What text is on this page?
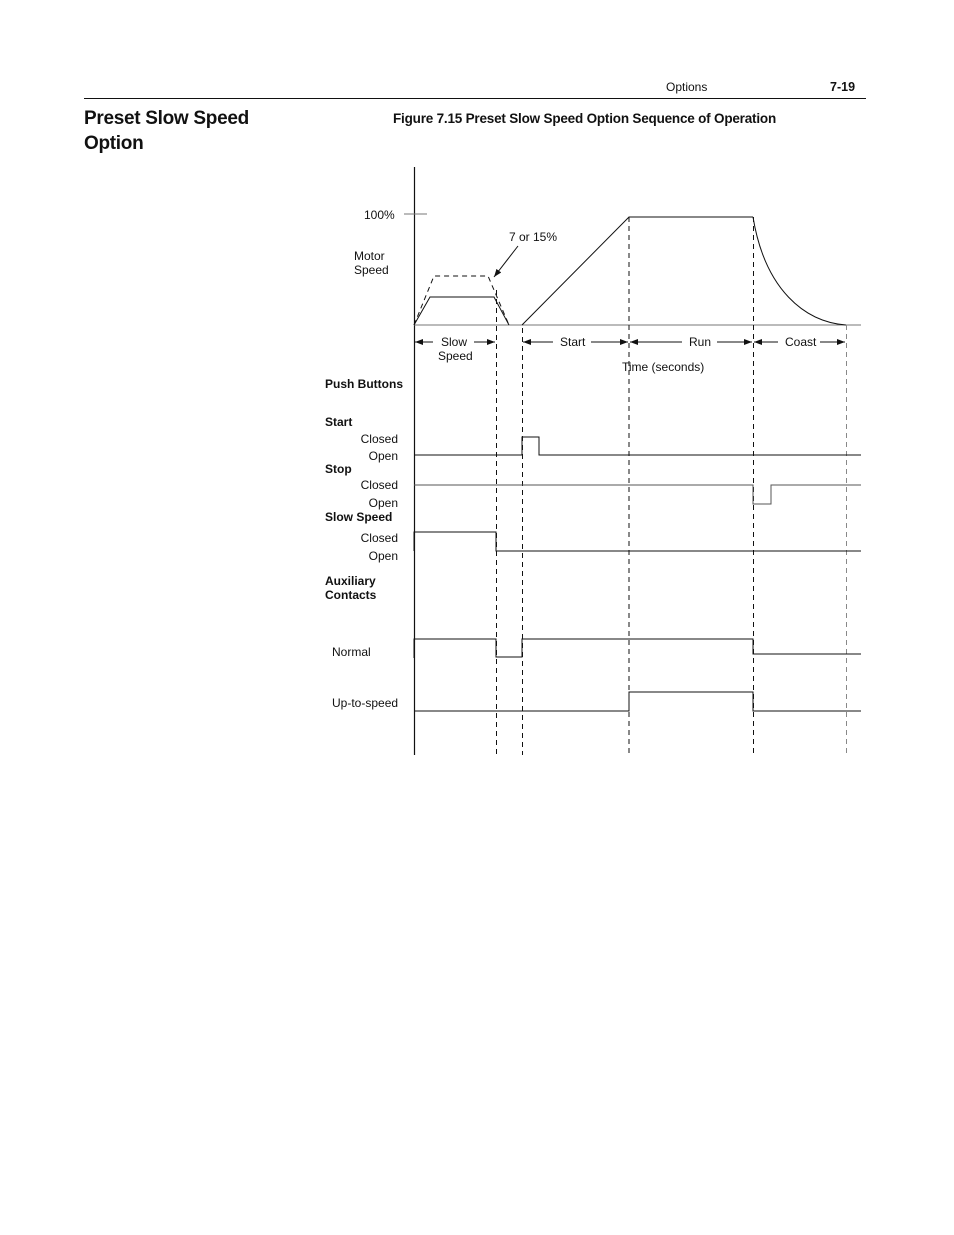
Options	7-19
Preset Slow Speed Option
Figure 7.15 Preset Slow Speed Option Sequence of Operation
100%
Motor
Speed
7 or 15%
Slow
Speed
Start	Run	Coast
Time (seconds)
Push Buttons
Start
Closed
Open
Stop
Closed
Open
Slow Speed
Closed
Open
Auxiliary
Contacts
Normal
Up-to-speed
